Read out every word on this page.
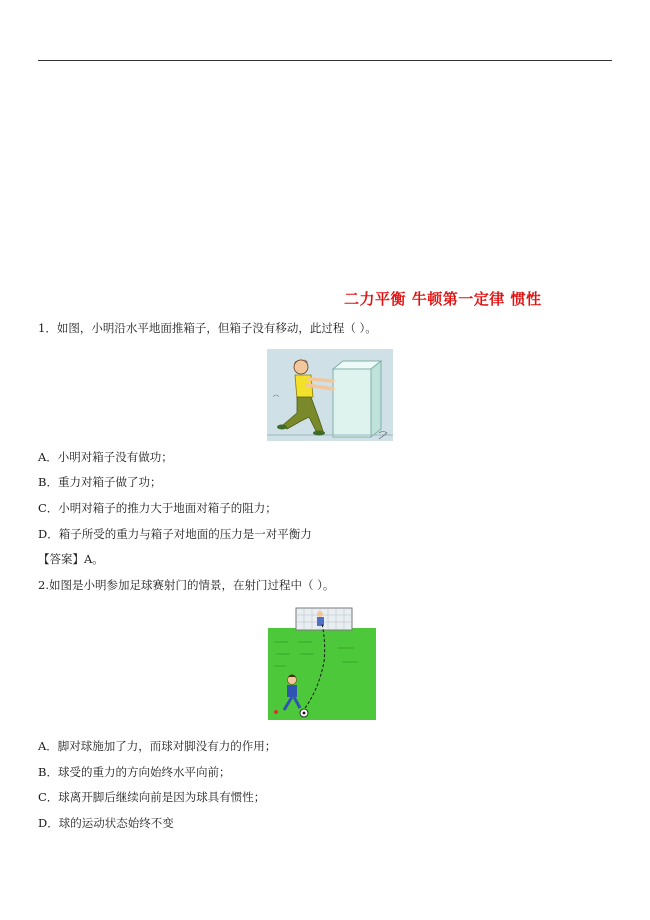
二力平衡 牛顿第一定律 惯性
1．如图，小明沿水平地面推箱子，但箱子没有移动，此过程（ ）。
A．小明对箱子没有做功；
B．重力对箱子做了功；
C．小明对箱子的推力大于地面对箱子的阻力；
D．箱子所受的重力与箱子对地面的压力是一对平衡力
【答案】A。
2.如图是小明参加足球赛射门的情景，在射门过程中（ ）。
A．脚对球施加了力，而球对脚没有力的作用；
B．球受的重力的方向始终水平向前；
C．球离开脚后继续向前是因为球具有惯性；
D．球的运动状态始终不变
